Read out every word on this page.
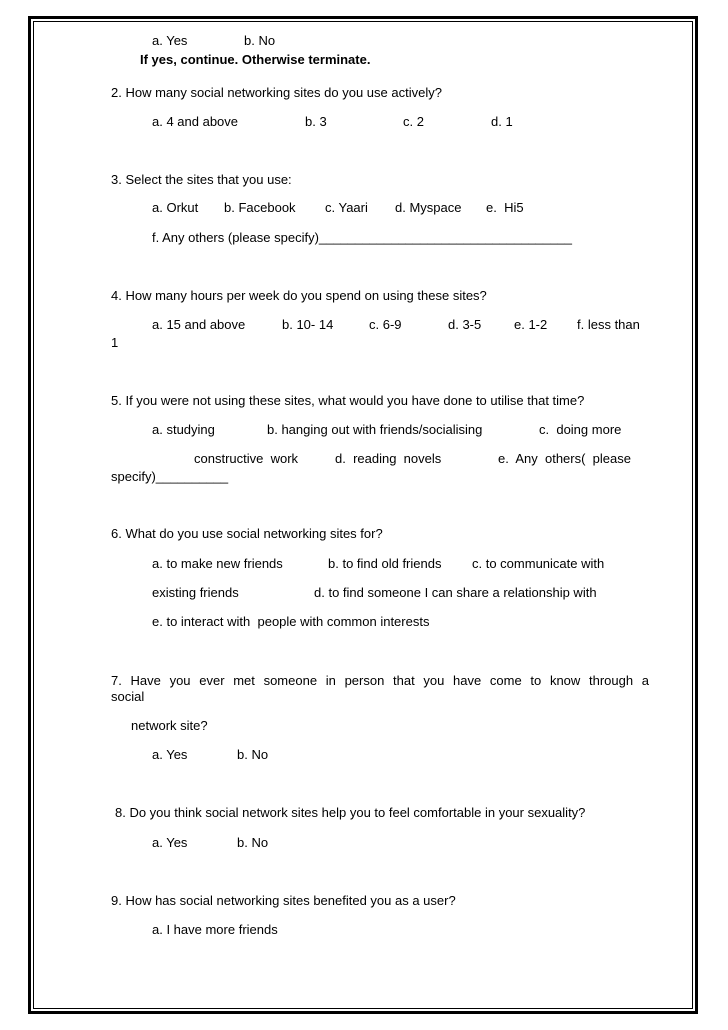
a. Yes	b. No
If yes, continue. Otherwise terminate.
2. How many social networking sites do you use actively?
a. 4 and above	b. 3	c. 2	d. 1
3. Select the sites that you use:
a. Orkut b. Facebook c. Yaari d. Myspace e.  Hi5
f. Any others (please specify)___________________________________
4. How many hours per week do you spend on using these sites?
a. 15 and above	b. 10- 14	c. 6-9	d. 3-5	e. 1-2 f. less than
1
5. If you were not using these sites, what would you have done to utilise that time?
a. studying	b. hanging out with friends/socialising	c.  doing more
constructive  work	d.  reading  novels	e.  Any  others(  please
specify)__________
6. What do you use social networking sites for?
a. to make new friends	b. to find old friends c. to communicate with
existing friends	d. to find someone I can share a relationship with
e. to interact with  people with common interests
7. Have you ever met someone in person that you have come to know through a
social
network site?
a. Yes	b. No
8. Do you think social network sites help you to feel comfortable in your sexuality?
a. Yes	b. No
9. How has social networking sites benefited you as a user?
a. I have more friends
